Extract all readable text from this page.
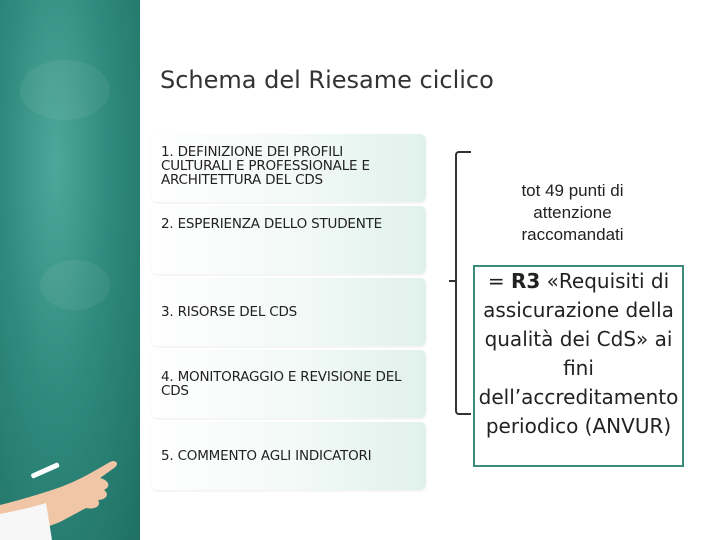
Schema del Riesame ciclico
1. DEFINIZIONE DEI PROFILI CULTURALI E PROFESSIONALE E ARCHITETTURA DEL CDS
2. ESPERIENZA DELLO STUDENTE
3. RISORSE DEL CDS
4. MONITORAGGIO E REVISIONE DEL CDS
5. COMMENTO AGLI INDICATORI
tot 49 punti di attenzione raccomandati
= R3 «Requisiti di assicurazione della qualità dei CdS» ai fini dell’accreditamento periodico (ANVUR)
